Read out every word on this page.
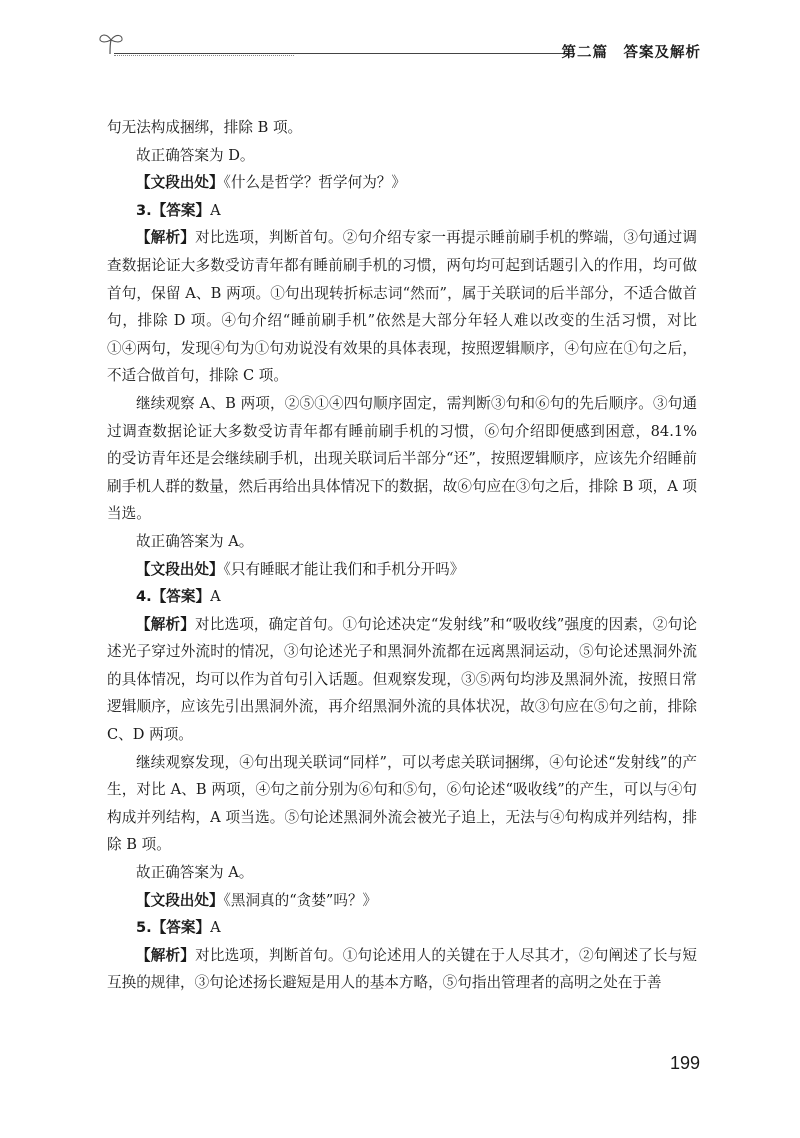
第二篇　答案及解析

句无法构成捆绑，排除 B 项。

故正确答案为 D。

【文段出处】《什么是哲学？哲学何为？》

3.【答案】A

【解析】对比选项，判断首句。②句介绍专家一再提示睡前刷手机的弊端，③句通过调查数据论证大多数受访青年都有睡前刷手机的习惯，两句均可起到话题引入的作用，均可做首句，保留 A、B 两项。①句出现转折标志词“然而”，属于关联词的后半部分，不适合做首句，排除 D 项。④句介绍“睡前刷手机”依然是大部分年轻人难以改变的生活习惯，对比①④两句，发现④句为①句劝说没有效果的具体表现，按照逻辑顺序，④句应在①句之后，不适合做首句，排除 C 项。

继续观察 A、B 两项，②⑤①④四句顺序固定，需判断③句和⑥句的先后顺序。③句通过调查数据论证大多数受访青年都有睡前刷手机的习惯，⑥句介绍即便感到困意，84.1% 的受访青年还是会继续刷手机，出现关联词后半部分“还”，按照逻辑顺序，应该先介绍睡前刷手机人群的数量，然后再给出具体情况下的数据，故⑥句应在③句之后，排除 B 项，A 项当选。

故正确答案为 A。

【文段出处】《只有睡眠才能让我们和手机分开吗》

4.【答案】A

【解析】对比选项，确定首句。①句论述决定“发射线”和“吸收线”强度的因素，②句论述光子穿过外流时的情况，③句论述光子和黑洞外流都在远离黑洞运动，⑤句论述黑洞外流的具体情况，均可以作为首句引入话题。但观察发现，③⑤两句均涉及黑洞外流，按照日常逻辑顺序，应该先引出黑洞外流，再介绍黑洞外流的具体状况，故③句应在⑤句之前，排除 C、D 两项。

继续观察发现，④句出现关联词“同样”，可以考虑关联词捆绑，④句论述“发射线”的产生，对比 A、B 两项，④句之前分别为⑥句和⑤句，⑥句论述“吸收线”的产生，可以与④句构成并列结构，A 项当选。⑤句论述黑洞外流会被光子追上，无法与④句构成并列结构，排除 B 项。

故正确答案为 A。

【文段出处】《黑洞真的“贪婪”吗？》

5.【答案】A

【解析】对比选项，判断首句。①句论述用人的关键在于人尽其才，②句阐述了长与短互换的规律，③句论述扬长避短是用人的基本方略，⑤句指出管理者的高明之处在于善

199
